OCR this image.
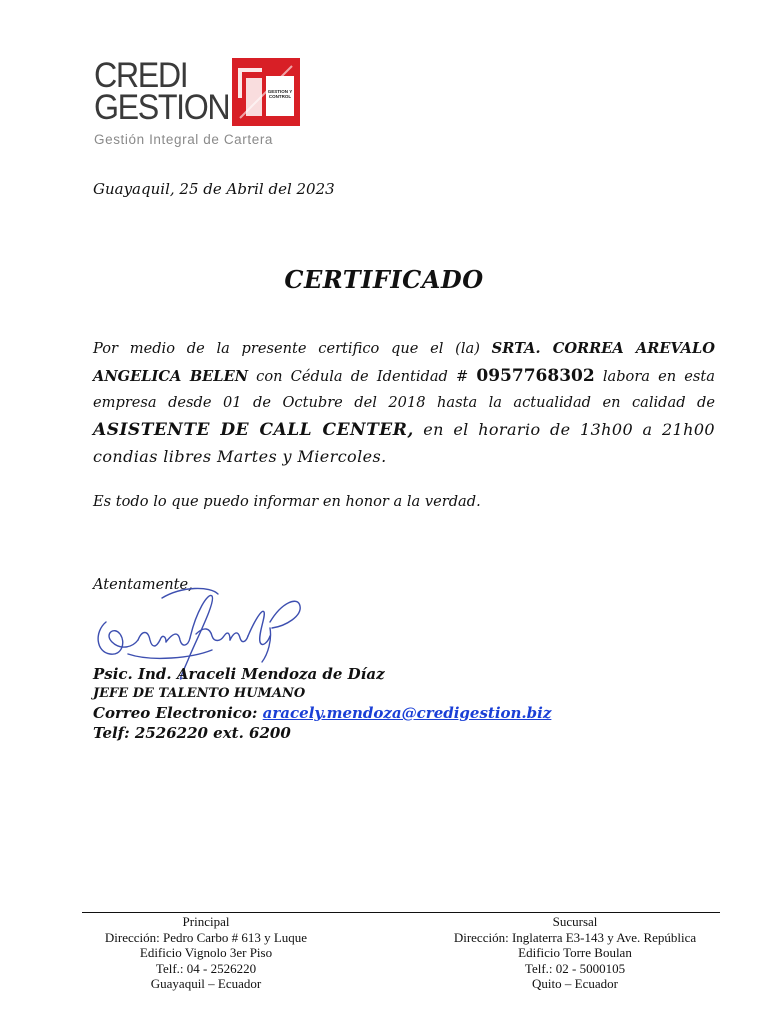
CREDI
GESTION	GESTION Y
CONTROL
Gestión Integral de Cartera
Guayaquil, 25 de Abril del 2023
CERTIFICADO
Por medio de la presente certifico que el (la) SRTA. CORREA AREVALO ANGELICA BELEN con Cédula de Identidad # 0957768302 labora en esta empresa desde 01 de Octubre del 2018 hasta la actualidad en calidad de ASISTENTE DE CALL CENTER, en el horario de 13h00 a 21h00 condias libres Martes y Miercoles.
Es todo lo que puedo informar en honor a la verdad.
Atentamente,
Psic. Ind. Araceli Mendoza de Díaz
JEFE DE TALENTO HUMANO
Correo Electronico: aracely.mendoza@credigestion.biz
Telf: 2526220 ext. 6200
Principal
Dirección: Pedro Carbo # 613 y Luque
Edificio Vignolo 3er Piso
Telf.: 04 - 2526220
Guayaquil – Ecuador
Sucursal
Dirección: Inglaterra E3-143 y Ave. República
Edificio Torre Boulan
Telf.: 02 - 5000105
Quito – Ecuador
